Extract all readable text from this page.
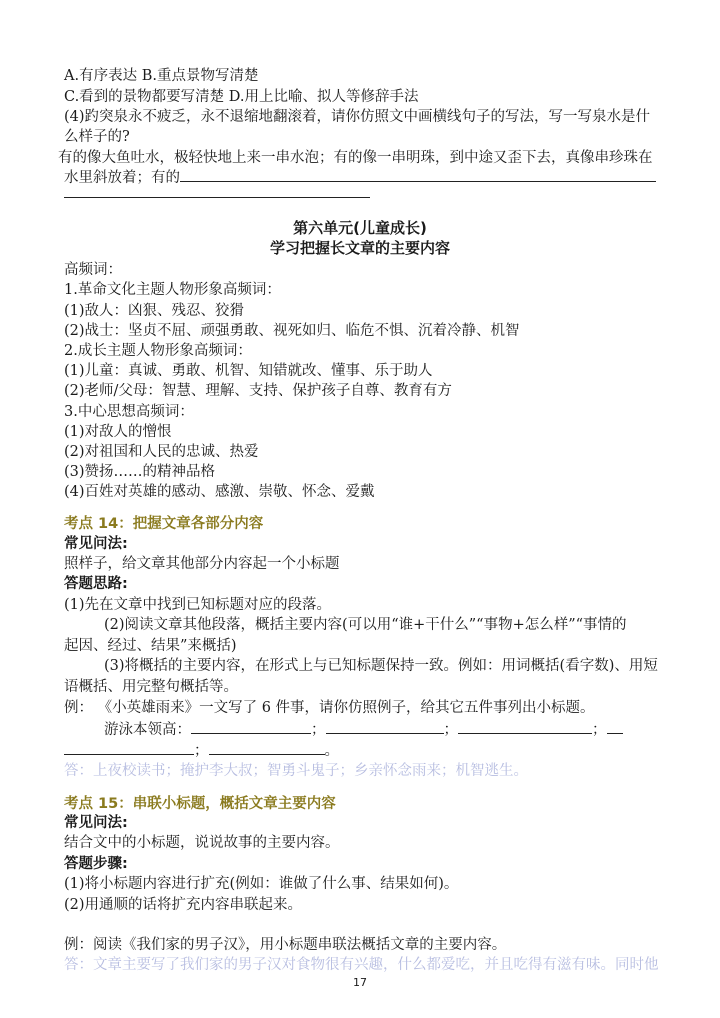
A.有序表达 B.重点景物写清楚
C.看到的景物都要写清楚 D.用上比喻、拟人等修辞手法
(4)趵突泉永不疲乏，永不退缩地翻滚着，请你仿照文中画横线句子的写法，写一写泉水是什
么样子的?
有的像大鱼吐水，极轻快地上来一串水泡；有的像一串明珠，到中途又歪下去，真像串珍珠在
水里斜放着；有的
第六单元(儿童成长)
学习把握长文章的主要内容
高频词：
1.革命文化主题人物形象高频词：
(1)敌人：凶狠、残忍、狡猾
(2)战士：坚贞不屈、顽强勇敢、视死如归、临危不惧、沉着冷静、机智
2.成长主题人物形象高频词：
(1)儿童：真诚、勇敢、机智、知错就改、懂事、乐于助人
(2)老师/父母：智慧、理解、支持、保护孩子自尊、教育有方
3.中心思想高频词：
(1)对敌人的憎恨
(2)对祖国和人民的忠诚、热爱
(3)赞扬……的精神品格
(4)百姓对英雄的感动、感激、崇敬、怀念、爱戴
考点 14：把握文章各部分内容
常见问法:
照样子，给文章其他部分内容起一个小标题
答题思路:
(1)先在文章中找到已知标题对应的段落。
(2)阅读文章其他段落，概括主要内容(可以用“谁+干什么”“事物+怎么样”“事情的
起因、经过、结果”来概括)
(3)将概括的主要内容，在形式上与已知标题保持一致。例如：用词概括(看字数)、用短
语概括、用完整句概括等。
例： 《小英雄雨来》一文写了 6 件事，请你仿照例子，给其它五件事列出小标题。
游泳本领高：	；	；	；
；	。
答：上夜校读书；掩护李大叔；智勇斗鬼子；乡亲怀念雨来；机智逃生。
考点 15：串联小标题，概括文章主要内容
常见问法:
结合文中的小标题，说说故事的主要内容。
答题步骤:
(1)将小标题内容进行扩充(例如：谁做了什么事、结果如何)。
(2)用通顺的话将扩充内容串联起来。
例：阅读《我们家的男子汉》，用小标题串联法概括文章的主要内容。
答：文章主要写了我们家的男子汉对食物很有兴趣，什么都爱吃，并且吃得有滋有味。同时他
17
